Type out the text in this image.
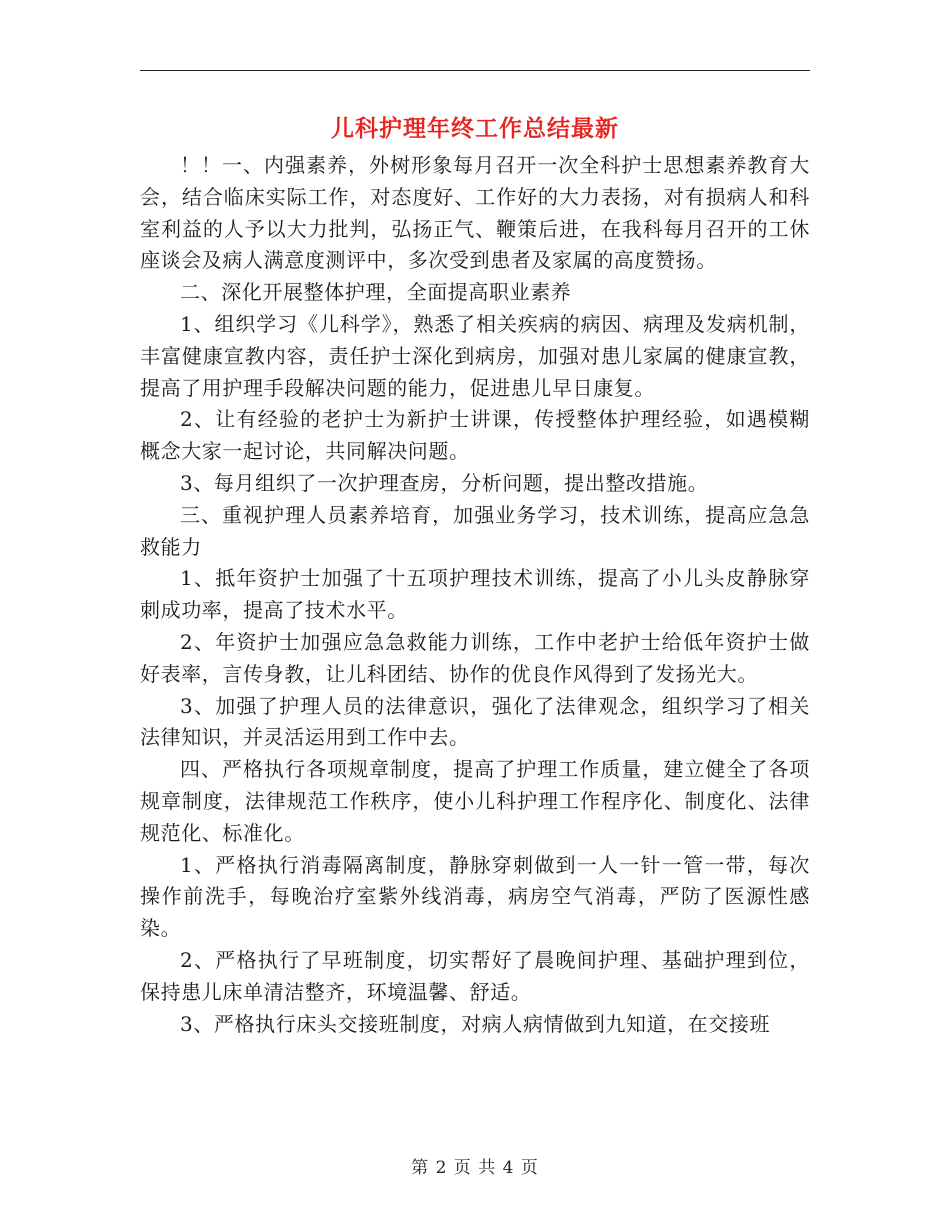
儿科护理年终工作总结最新

！！一、内强素养，外树形象每月召开一次全科护士思想素养教育大会，结合临床实际工作，对态度好、工作好的大力表扬，对有损病人和科室利益的人予以大力批判，弘扬正气、鞭策后进，在我科每月召开的工休座谈会及病人满意度测评中，多次受到患者及家属的高度赞扬。

二、深化开展整体护理，全面提高职业素养

1、组织学习《儿科学》，熟悉了相关疾病的病因、病理及发病机制，丰富健康宣教内容，责任护士深化到病房，加强对患儿家属的健康宣教，提高了用护理手段解决问题的能力，促进患儿早日康复。

2、让有经验的老护士为新护士讲课，传授整体护理经验，如遇模糊概念大家一起讨论，共同解决问题。

3、每月组织了一次护理查房，分析问题，提出整改措施。

三、重视护理人员素养培育，加强业务学习，技术训练，提高应急急救能力

1、抵年资护士加强了十五项护理技术训练，提高了小儿头皮静脉穿刺成功率，提高了技术水平。

2、年资护士加强应急急救能力训练，工作中老护士给低年资护士做好表率，言传身教，让儿科团结、协作的优良作风得到了发扬光大。

3、加强了护理人员的法律意识，强化了法律观念，组织学习了相关法律知识，并灵活运用到工作中去。

四、严格执行各项规章制度，提高了护理工作质量，建立健全了各项规章制度，法律规范工作秩序，使小儿科护理工作程序化、制度化、法律规范化、标准化。

1、严格执行消毒隔离制度，静脉穿刺做到一人一针一管一带，每次操作前洗手，每晚治疗室紫外线消毒，病房空气消毒，严防了医源性感染。

2、严格执行了早班制度，切实帮好了晨晚间护理、基础护理到位，保持患儿床单清洁整齐，环境温馨、舒适。

3、严格执行床头交接班制度，对病人病情做到九知道，在交接班

第 2 页 共 4 页
